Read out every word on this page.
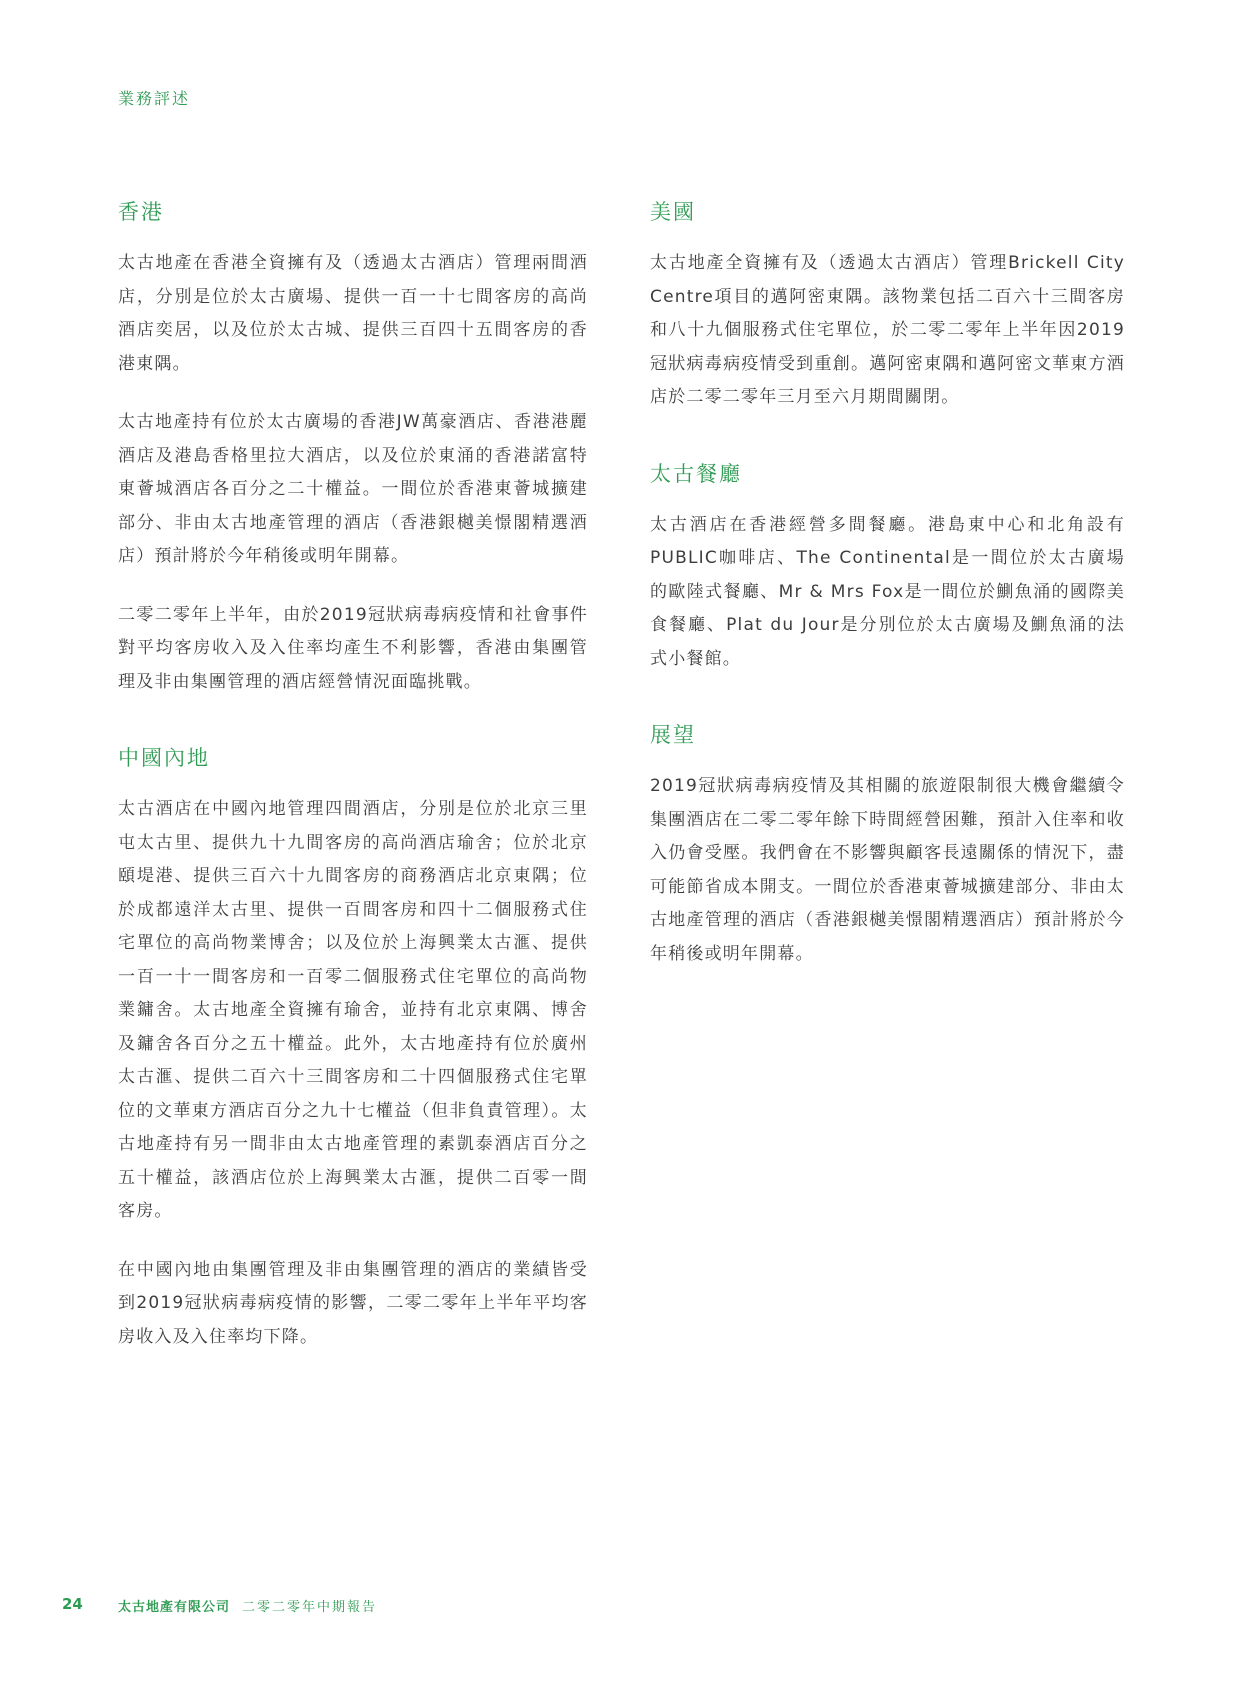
業務評述
香港

太古地產在香港全資擁有及（透過太古酒店）管理兩間酒店，分別是位於太古廣場、提供一百一十七間客房的高尚酒店奕居，以及位於太古城、提供三百四十五間客房的香港東隅。

太古地產持有位於太古廣場的香港JW萬豪酒店、香港港麗酒店及港島香格里拉大酒店，以及位於東涌的香港諾富特東薈城酒店各百分之二十權益。一間位於香港東薈城擴建部分、非由太古地產管理的酒店（香港銀樾美憬閣精選酒店）預計將於今年稍後或明年開幕。

二零二零年上半年，由於2019冠狀病毒病疫情和社會事件對平均客房收入及入住率均產生不利影響，香港由集團管理及非由集團管理的酒店經營情況面臨挑戰。

中國內地

太古酒店在中國內地管理四間酒店，分別是位於北京三里屯太古里、提供九十九間客房的高尚酒店瑜舍；位於北京頤堤港、提供三百六十九間客房的商務酒店北京東隅；位於成都遠洋太古里、提供一百間客房和四十二個服務式住宅單位的高尚物業博舍；以及位於上海興業太古滙、提供一百一十一間客房和一百零二個服務式住宅單位的高尚物業鏞舍。太古地產全資擁有瑜舍，並持有北京東隅、博舍及鏞舍各百分之五十權益。此外，太古地產持有位於廣州太古滙、提供二百六十三間客房和二十四個服務式住宅單位的文華東方酒店百分之九十七權益（但非負責管理）。太古地產持有另一間非由太古地產管理的素凱泰酒店百分之五十權益，該酒店位於上海興業太古滙，提供二百零一間客房。

在中國內地由集團管理及非由集團管理的酒店的業績皆受到2019冠狀病毒病疫情的影響，二零二零年上半年平均客房收入及入住率均下降。

美國

太古地產全資擁有及（透過太古酒店）管理Brickell City Centre項目的邁阿密東隅。該物業包括二百六十三間客房和八十九個服務式住宅單位，於二零二零年上半年因2019冠狀病毒病疫情受到重創。邁阿密東隅和邁阿密文華東方酒店於二零二零年三月至六月期間關閉。

太古餐廳

太古酒店在香港經營多間餐廳。港島東中心和北角設有PUBLIC咖啡店、The Continental是一間位於太古廣場的歐陸式餐廳、Mr & Mrs Fox是一間位於鰂魚涌的國際美食餐廳、Plat du Jour是分別位於太古廣場及鰂魚涌的法式小餐館。

展望

2019冠狀病毒病疫情及其相關的旅遊限制很大機會繼續令集團酒店在二零二零年餘下時間經營困難，預計入住率和收入仍會受壓。我們會在不影響與顧客長遠關係的情況下，盡可能節省成本開支。一間位於香港東薈城擴建部分、非由太古地產管理的酒店（香港銀樾美憬閣精選酒店）預計將於今年稍後或明年開幕。

24	太古地產有限公司 二零二零年中期報告
